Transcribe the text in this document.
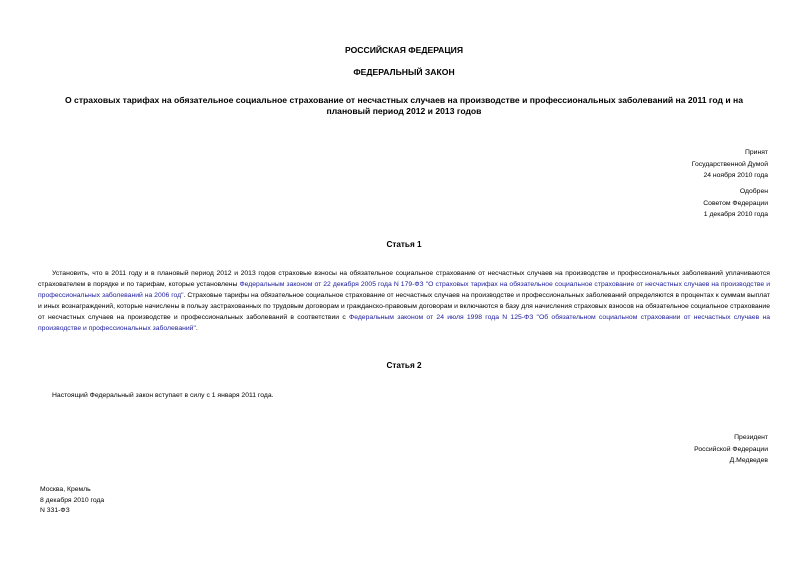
РОССИЙСКАЯ ФЕДЕРАЦИЯ
ФЕДЕРАЛЬНЫЙ ЗАКОН
О страховых тарифах на обязательное социальное страхование от несчастных случаев на производстве и профессиональных заболеваний на 2011 год и на
плановый период 2012 и 2013 годов
Принят
Государственной Думой
24 ноября 2010 года
Одобрен
Советом Федерации
1 декабря 2010 года
Статья 1
Установить, что в 2011 году и в плановый период 2012 и 2013 годов страховые взносы на обязательное социальное страхование от несчастных случаев на производстве и профессиональных заболеваний уплачиваются страхователем в порядке и по тарифам, которые установлены Федеральным законом от 22 декабря 2005 года N 179-ФЗ "О страховых тарифах на обязательное социальное страхование от несчастных случаев на производстве и профессиональных заболеваний на 2006 год". Страховые тарифы на обязательное социальное страхование от несчастных случаев на производстве и профессиональных заболеваний определяются в процентах к суммам выплат и иных вознаграждений, которые начислены в пользу застрахованных по трудовым договорам и гражданско-правовым договорам и включаются в базу для начисления страховых взносов на обязательное социальное страхование от несчастных случаев на производстве и профессиональных заболеваний в соответствии с Федеральным законом от 24 июля 1998 года N 125-ФЗ "Об обязательном социальном страховании от несчастных случаев на производстве и профессиональных заболеваний".
Статья 2
Настоящий Федеральный закон вступает в силу с 1 января 2011 года.
Президент
Российской Федерации
Д.Медведев
Москва, Кремль
8 декабря 2010 года
N 331-ФЗ
